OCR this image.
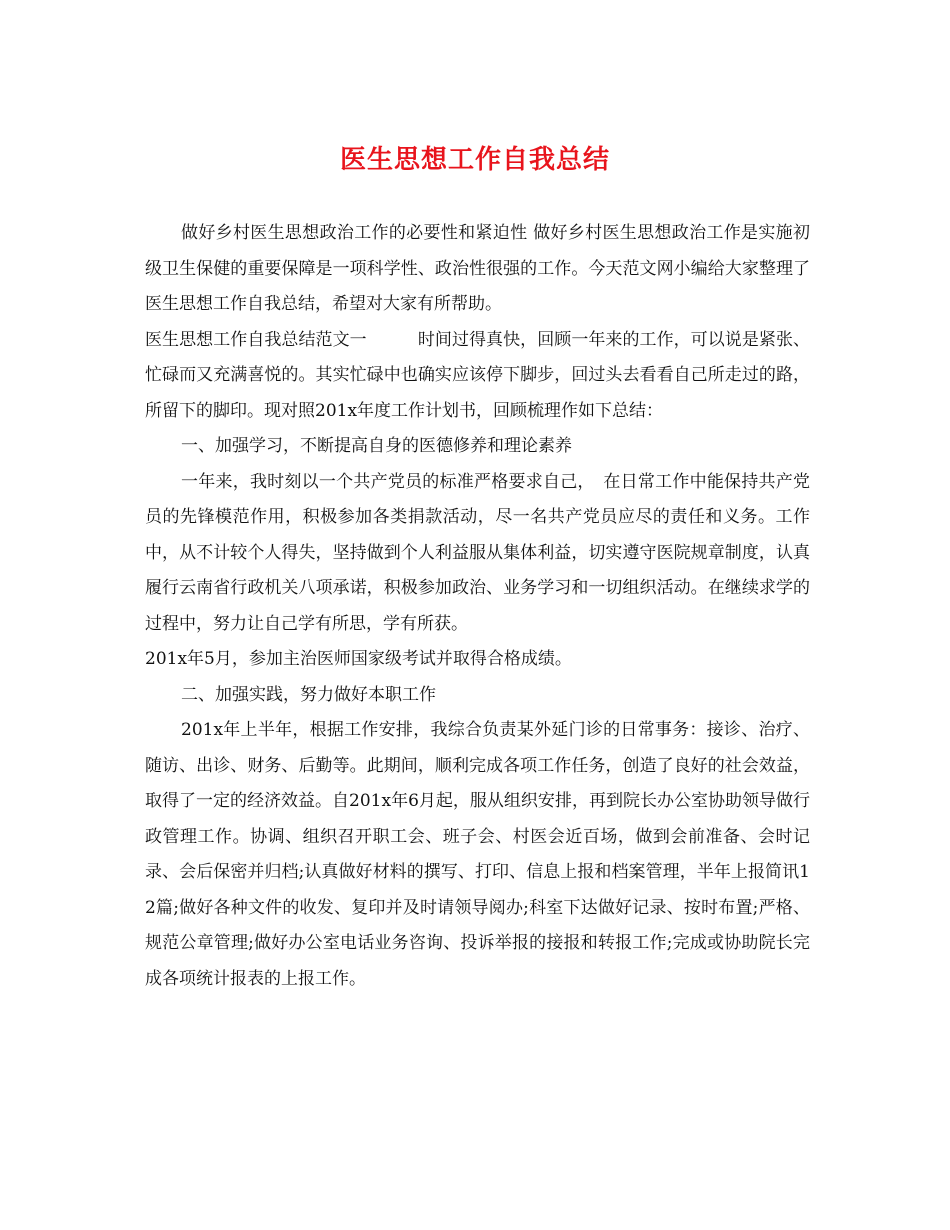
医生思想工作自我总结

做好乡村医生思想政治工作的必要性和紧迫性 做好乡村医生思想政治工作是实施初级卫生保健的重要保障是一项科学性、政治性很强的工作。今天范文网小编给大家整理了医生思想工作自我总结，希望对大家有所帮助。

医生思想工作自我总结范文一　　　时间过得真快，回顾一年来的工作，可以说是紧张、忙碌而又充满喜悦的。其实忙碌中也确实应该停下脚步，回过头去看看自己所走过的路，所留下的脚印。现对照201x年度工作计划书，回顾梳理作如下总结：

一、加强学习，不断提高自身的医德修养和理论素养

一年来，我时刻以一个共产党员的标准严格要求自己，　在日常工作中能保持共产党员的先锋模范作用，积极参加各类捐款活动，尽一名共产党员应尽的责任和义务。工作中，从不计较个人得失，坚持做到个人利益服从集体利益，切实遵守医院规章制度，认真履行云南省行政机关八项承诺，积极参加政治、业务学习和一切组织活动。在继续求学的过程中，努力让自己学有所思，学有所获。

201x年5月，参加主治医师国家级考试并取得合格成绩。

二、加强实践，努力做好本职工作

201x年上半年，根据工作安排，我综合负责某外延门诊的日常事务：接诊、治疗、随访、出诊、财务、后勤等。此期间，顺利完成各项工作任务，创造了良好的社会效益，取得了一定的经济效益。自201x年6月起，服从组织安排，再到院长办公室协助领导做行政管理工作。协调、组织召开职工会、班子会、村医会近百场，做到会前准备、会时记录、会后保密并归档;认真做好材料的撰写、打印、信息上报和档案管理，半年上报简讯12篇;做好各种文件的收发、复印并及时请领导阅办;科室下达做好记录、按时布置;严格、规范公章管理;做好办公室电话业务咨询、投诉举报的接报和转报工作;完成或协助院长完成各项统计报表的上报工作。
